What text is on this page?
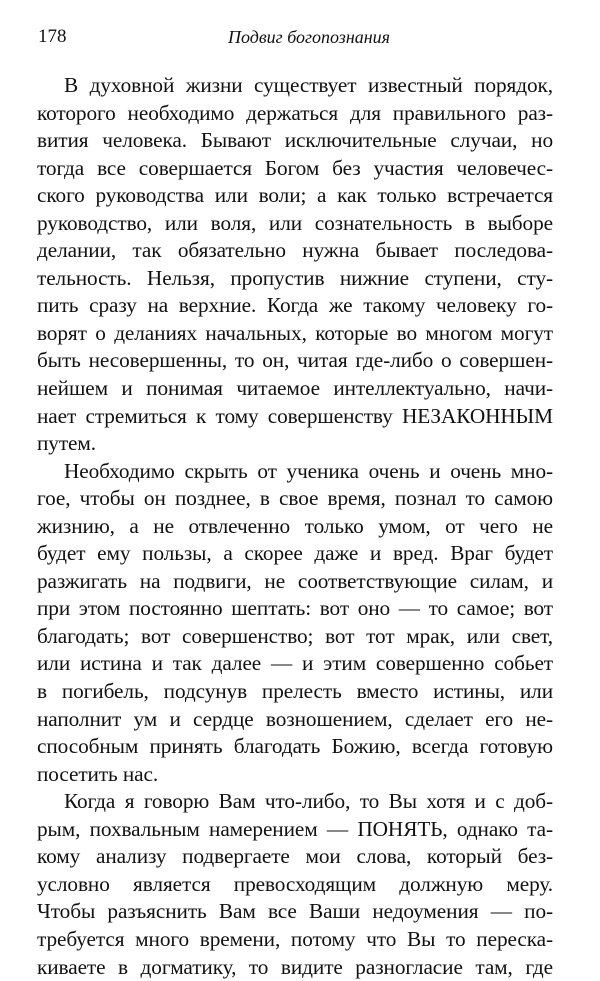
178	Подвиг богопознания
В духовной жизни существует известный порядок,
которого необходимо держаться для правильного раз-
вития человека. Бывают исключительные случаи, но
тогда все совершается Богом без участия человечес-
ского руководства или воли; а как только встречается
руководство, или воля, или сознательность в выборе
делании, так обязательно нужна бывает последова-
тельность. Нельзя, пропустив нижние ступени, сту-
пить сразу на верхние. Когда же такому человеку го-
ворят о деланиях начальных, которые во многом могут
быть несовершенны, то он, читая где-либо о совершен-
нейшем и понимая читаемое интеллектуально, начи-
нает стремиться к тому совершенству НЕЗАКОННЫМ
путем.
Необходимо скрыть от ученика очень и очень мно-
гое, чтобы он позднее, в свое время, познал то самою
жизнию, а не отвлеченно только умом, от чего не
будет ему пользы, а скорее даже и вред. Враг будет
разжигать на подвиги, не соответствующие силам, и
при этом постоянно шептать: вот оно — то самое; вот
благодать; вот совершенство; вот тот мрак, или свет,
или истина и так далее — и этим совершенно собьет
в погибель, подсунув прелесть вместо истины, или
наполнит ум и сердце возношением, сделает его не-
способным принять благодать Божию, всегда готовую
посетить нас.
Когда я говорю Вам что-либо, то Вы хотя и с доб-
рым, похвальным намерением — ПОНЯТЬ, однако та-
кому анализу подвергаете мои слова, который без-
условно является превосходящим должную меру.
Чтобы разъяснить Вам все Ваши недоумения — по-
требуется много времени, потому что Вы то переска-
киваете в догматику, то видите разногласие там, где
